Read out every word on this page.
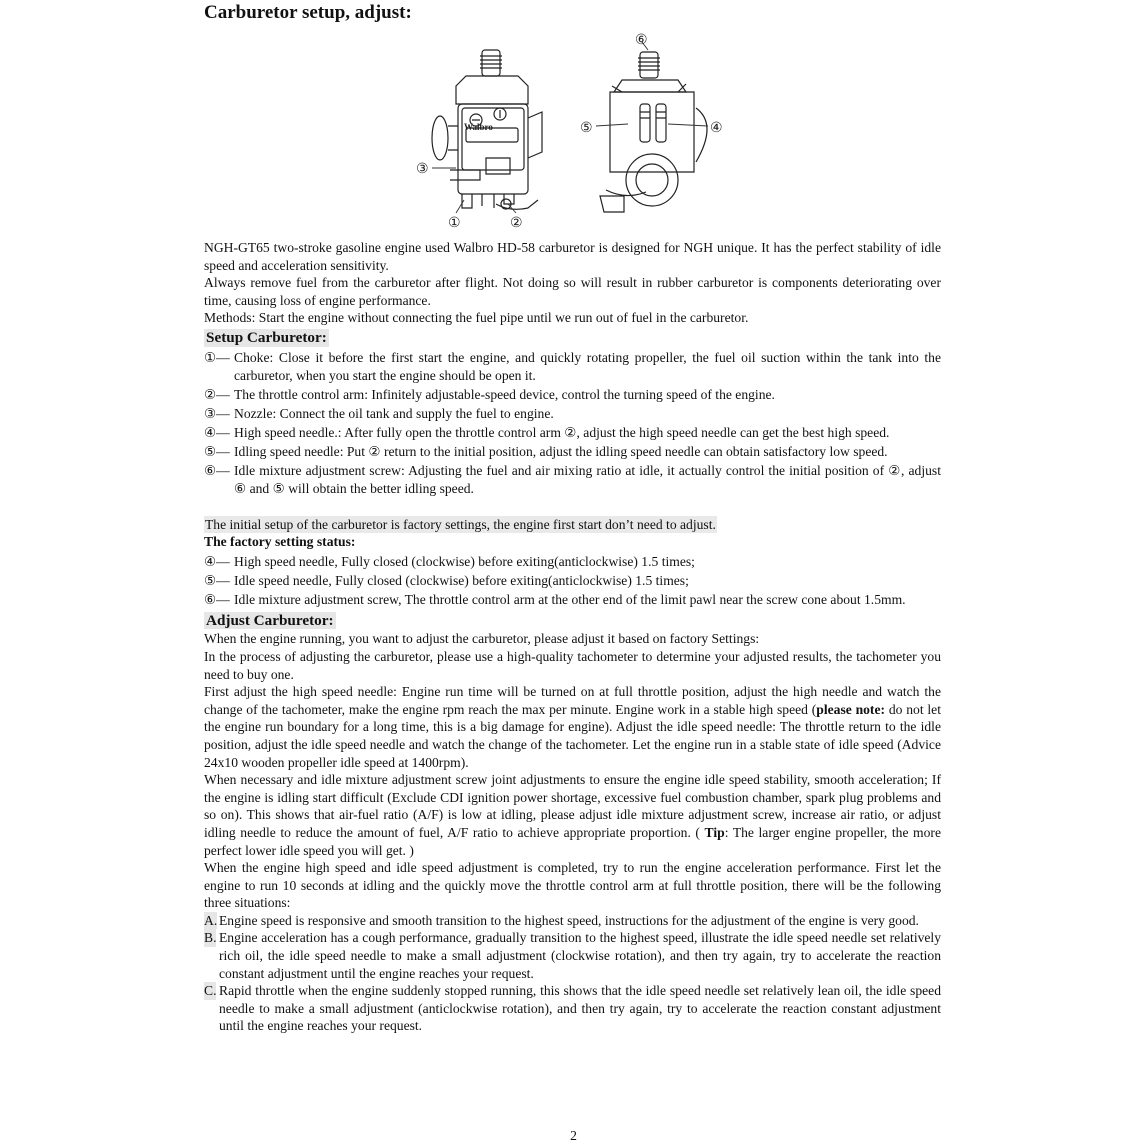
Carburetor setup, adjust:
Walbro
③
①	②
⑥
⑤	④

NGH-GT65 two-stroke gasoline engine used Walbro HD-58 carburetor is designed for NGH unique. It has the perfect stability of idle speed and acceleration sensitivity.

Always remove fuel from the carburetor after flight. Not doing so will result in rubber carburetor is components deteriorating over time, causing loss of engine performance.

Methods: Start the engine without connecting the fuel pipe until we run out of fuel in the carburetor.

Setup Carburetor:
①— Choke: Close it before the first start the engine, and quickly rotating propeller, the fuel oil suction within the tank into the carburetor, when you start the engine should be open it.

②— The throttle control arm: Infinitely adjustable-speed device, control the turning speed of the engine.

③— Nozzle: Connect the oil tank and supply the fuel to engine.

④— High speed needle.: After fully open the throttle control arm ②, adjust the high speed needle can get the best high speed.

⑤— Idling speed needle: Put ② return to the initial position, adjust the idling speed needle can obtain satisfactory low speed.

⑥— Idle mixture adjustment screw: Adjusting the fuel and air mixing ratio at idle, it actually control the initial position of ②, adjust ⑥ and ⑤ will obtain the better idling speed.

The initial setup of the carburetor is factory settings, the engine first start don’t need to adjust.
The factory setting status:
④— High speed needle, Fully closed (clockwise) before exiting(anticlockwise) 1.5 times;

⑤— Idle speed needle, Fully closed (clockwise) before exiting(anticlockwise) 1.5 times;

⑥— Idle mixture adjustment screw, The throttle control arm at the other end of the limit pawl near the screw cone about 1.5mm.

Adjust Carburetor:

When the engine running, you want to adjust the carburetor, please adjust it based on factory Settings:

In the process of adjusting the carburetor, please use a high-quality tachometer to determine your adjusted results, the tachometer you need to buy one.

First adjust the high speed needle: Engine run time will be turned on at full throttle position, adjust the high needle and watch the change of the tachometer, make the engine rpm reach the max per minute. Engine work in a stable high speed (please note: do not let the engine run boundary for a long time, this is a big damage for engine). Adjust the idle speed needle: The throttle return to the idle position, adjust the idle speed needle and watch the change of the tachometer. Let the engine run in a stable state of idle speed (Advice 24x10 wooden propeller idle speed at 1400rpm).

When necessary and idle mixture adjustment screw joint adjustments to ensure the engine idle speed stability, smooth acceleration; If the engine is idling start difficult (Exclude CDI ignition power shortage, excessive fuel combustion chamber, spark plug problems and so on). This shows that air-fuel ratio (A/F) is low at idling, please adjust idle mixture adjustment screw, increase air ratio, or adjust idling needle to reduce the amount of fuel, A/F ratio to achieve appropriate proportion. ( Tip: The larger engine propeller, the more perfect lower idle speed you will get. )

When the engine high speed and idle speed adjustment is completed, try to run the engine acceleration performance. First let the engine to run 10 seconds at idling and the quickly move the throttle control arm at full throttle position, there will be the following three situations:

A. Engine speed is responsive and smooth transition to the highest speed, instructions for the adjustment of the engine is very good.

B. Engine acceleration has a cough performance, gradually transition to the highest speed, illustrate the idle speed needle set relatively rich oil, the idle speed needle to make a small adjustment (clockwise rotation), and then try again, try to accelerate the reaction constant adjustment until the engine reaches your request.

C. Rapid throttle when the engine suddenly stopped running, this shows that the idle speed needle set relatively lean oil, the idle speed needle to make a small adjustment (anticlockwise rotation), and then try again, try to accelerate the reaction constant adjustment until the engine reaches your request.

2
